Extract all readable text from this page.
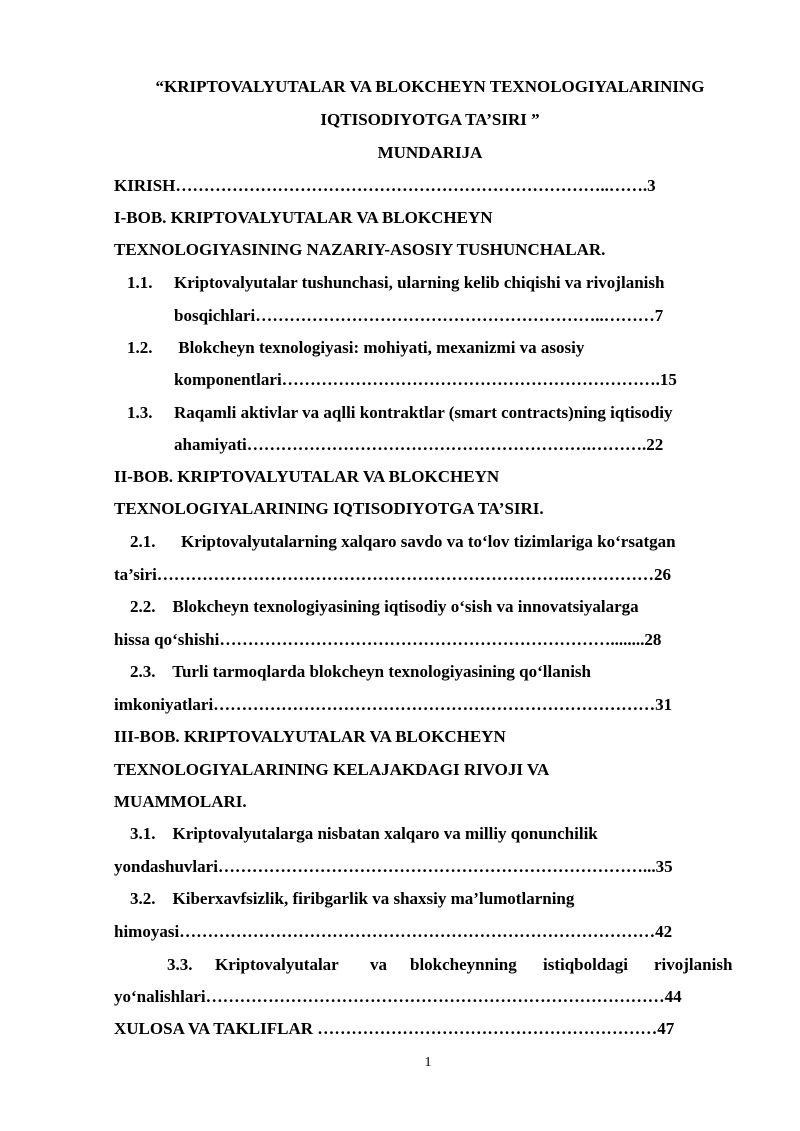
“KRIPTOVALYUTALAR VA BLOKCHEYN TEXNOLOGIYALARINING
IQTISODIYOTGA TA’SIRI ”
MUNDARIJA
KIRISH…………………………………………………………………..…….3
I-BOB. KRIPTOVALYUTALAR VA BLOKCHEYN
TEXNOLOGIYASINING NAZARIY-ASOSIY TUSHUNCHALAR.
1.1. Kriptovalyutalar tushunchasi, ularning kelib chiqishi va rivojlanish
bosqichlari……………………………………………………..………7
1.2. Blokcheyn texnologiyasi: mohiyati, mexanizmi va asosiy
komponentlari………………………………………………………….15
1.3. Raqamli aktivlar va aqlli kontraktlar (smart contracts)ning iqtisodiy
ahamiyati…………………………………………………….……….22
II-BOB. KRIPTOVALYUTALAR VA BLOKCHEYN
TEXNOLOGIYALARINING IQTISODIYOTGA TA’SIRI.
2.1.      Kriptovalyutalarning xalqaro savdo va to‘lov tizimlariga ko‘rsatgan
ta’siri……………………………………………………………….……………26
2.2.    Blokcheyn texnologiyasining iqtisodiy o‘sish va innovatsiyalarga
hissa qo‘shishi……………………………………………………………........28
2.3.    Turli tarmoqlarda blokcheyn texnologiyasining qo‘llanish
imkoniyatlari……………………………………………………………………31
III-BOB. KRIPTOVALYUTALAR VA BLOKCHEYN
TEXNOLOGIYALARINING KELAJAKDAGI RIVOJI VA
MUAMMOLARI.
3.1.    Kriptovalyutalarga nisbatan xalqaro va milliy qonunchilik
yondashuvlari…………………………………………………………………...35
3.2.    Kiberxavfsizlik, firibgarlik va shaxsiy ma’lumotlarning
himoyasi…………………………………………………………………………42
3.3. Kriptovalyutalar va blokcheynning istiqboldagi rivojlanish
yo‘nalishlari………………………………………………………………………44
XULOSA VA TAKLIFLAR ……………………………………………………47
1
